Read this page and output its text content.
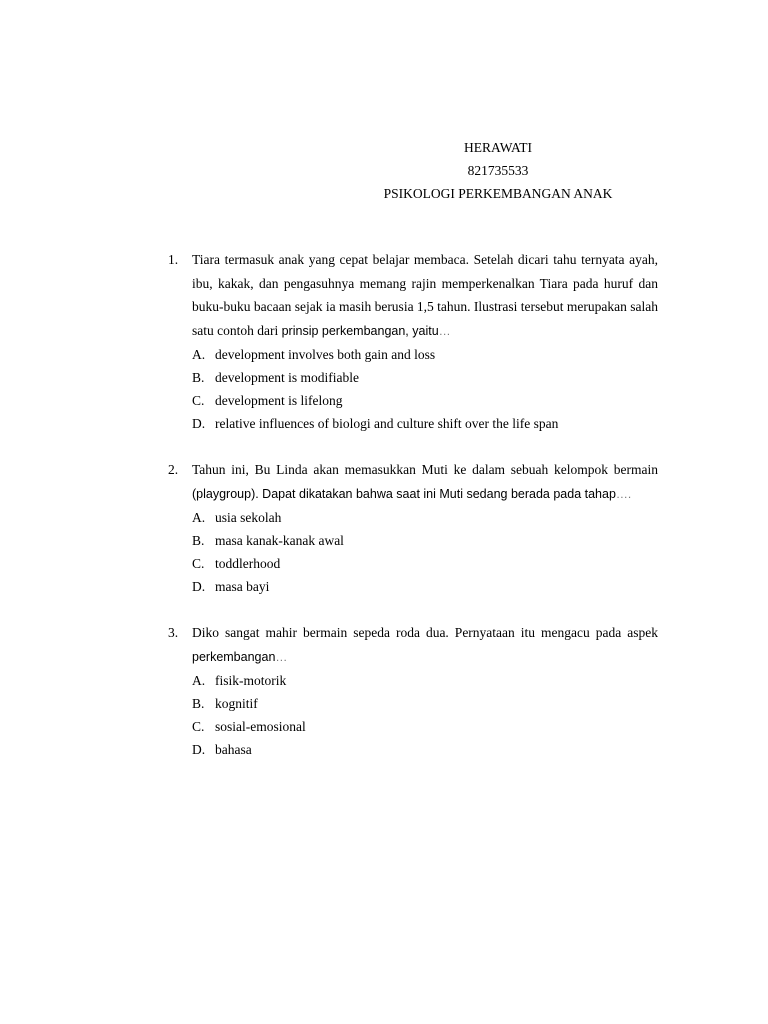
HERAWATI
821735533
PSIKOLOGI PERKEMBANGAN ANAK
1. Tiara termasuk anak yang cepat belajar membaca. Setelah dicari tahu ternyata ayah, ibu, kakak, dan pengasuhnya memang rajin memperkenalkan Tiara pada huruf dan buku-buku bacaan sejak ia masih berusia 1,5 tahun. Ilustrasi tersebut merupakan salah satu contoh dari prinsip perkembangan, yaitu…

A. development involves both gain and loss
B. development is modifiable
C. development is lifelong
D. relative influences of biologi and culture shift over the life span
2. Tahun ini, Bu Linda akan memasukkan Muti ke dalam sebuah kelompok bermain (playgroup). Dapat dikatakan bahwa saat ini Muti sedang berada pada tahap….

A. usia sekolah
B. masa kanak-kanak awal
C. toddlerhood
D. masa bayi
3. Diko sangat mahir bermain sepeda roda dua. Pernyataan itu mengacu pada aspek perkembangan…

A. fisik-motorik
B. kognitif
C. sosial-emosional
D. bahasa
